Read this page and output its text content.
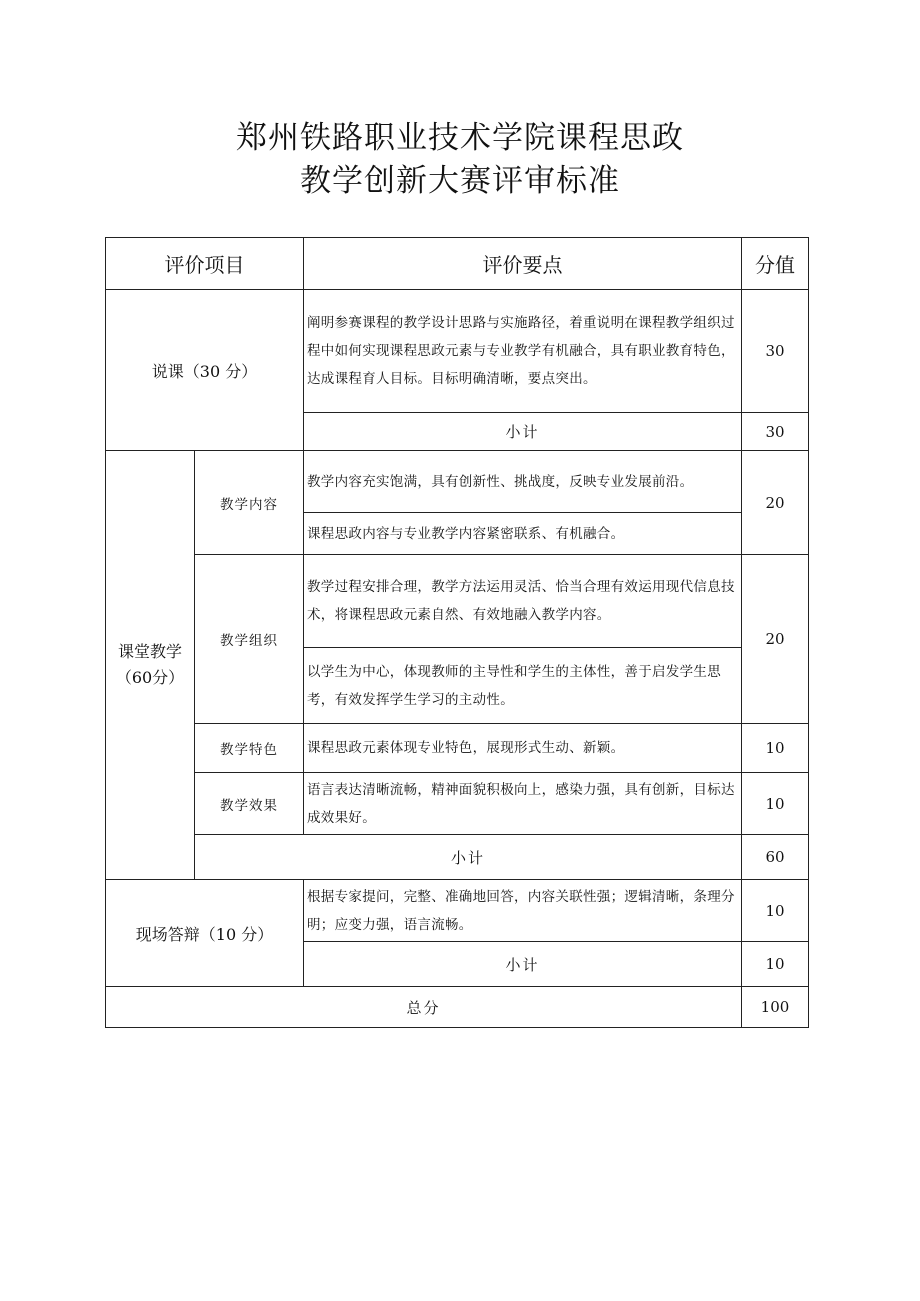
郑州铁路职业技术学院课程思政
教学创新大赛评审标准
评价项目		评价要点	分值
说课（30 分）		阐明参赛课程的教学设计思路与实施路径，着重说明在课程教学组织过程中如何实现课程思政元素与专业教学有机融合，具有职业教育特色，达成课程育人目标。目标明确清晰，要点突出。	30
		小计	30
课堂教学（60分）	教学内容	教学内容充实饱满，具有创新性、挑战度，反映专业发展前沿。	20
		课程思政内容与专业教学内容紧密联系、有机融合。	
	教学组织	教学过程安排合理，教学方法运用灵活、恰当合理有效运用现代信息技术，将课程思政元素自然、有效地融入教学内容。	20
		以学生为中心，体现教师的主导性和学生的主体性，善于启发学生思考，有效发挥学生学习的主动性。	
	教学特色	课程思政元素体现专业特色，展现形式生动、新颖。	10
	教学效果	语言表达清晰流畅，精神面貌积极向上，感染力强，具有创新，目标达成效果好。	10
	小计		60
现场答辩（10 分）		根据专家提问，完整、准确地回答，内容关联性强；逻辑清晰，条理分明；应变力强，语言流畅。	10
		小计	10
总分			100
